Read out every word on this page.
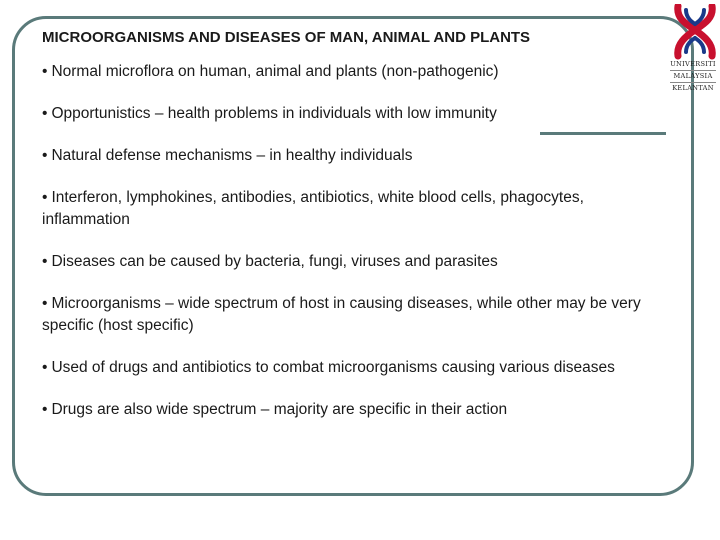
MICROORGANISMS AND DISEASES OF MAN, ANIMAL AND PLANTS
• Normal microflora on human, animal and plants (non-pathogenic)
• Opportunistics – health problems in individuals with low immunity
• Natural defense mechanisms – in healthy individuals
• Interferon, lymphokines, antibodies, antibiotics, white blood cells, phagocytes, inflammation
• Diseases can be caused by bacteria, fungi, viruses and parasites
• Microorganisms – wide spectrum of host in causing diseases, while other may be very specific (host specific)
• Used of drugs and antibiotics to combat microorganisms causing various diseases
• Drugs are also wide spectrum – majority are specific in their action
UNIVERSITI
MALAYSIA
KELANTAN
